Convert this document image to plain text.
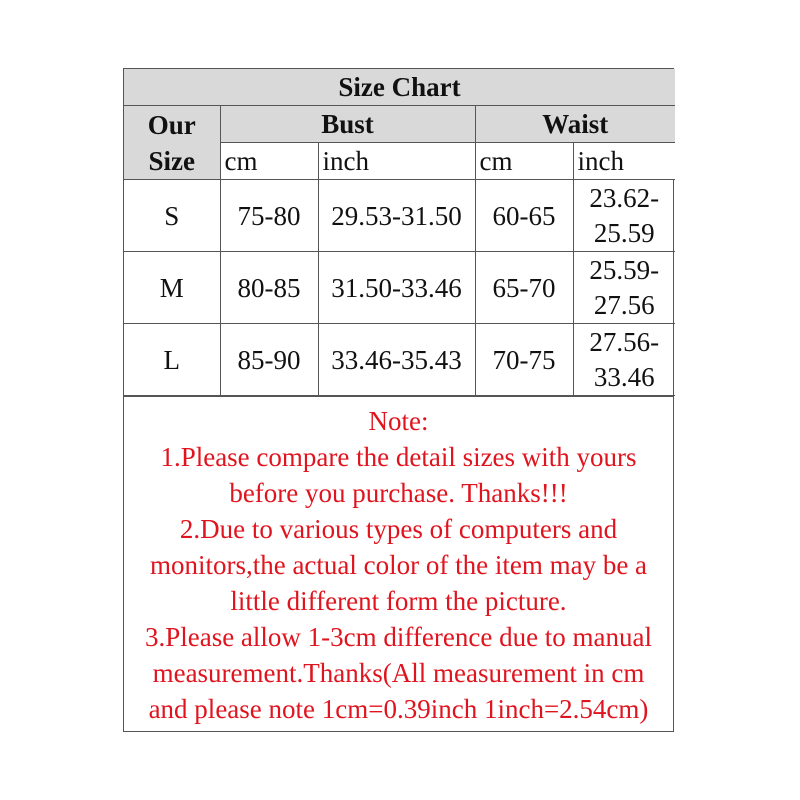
Size Chart				

Our
Size	Bust		Waist	
	cm	inch	cm	inch
S	75-80	29.53-31.50	60-65	23.62-
25.59

M	80-85	31.50-33.46	65-70	25.59-
27.56

L	85-90	33.46-35.43	70-75	27.56-
33.46
Note:
1.Please compare the detail sizes with yours
before you purchase. Thanks!!!
2.Due to various types of computers and
monitors,the actual color of the item may be a
little different form the picture.
3.Please allow 1-3cm difference due to manual
measurement.Thanks(All measurement in cm
and please note 1cm=0.39inch 1inch=2.54cm)
